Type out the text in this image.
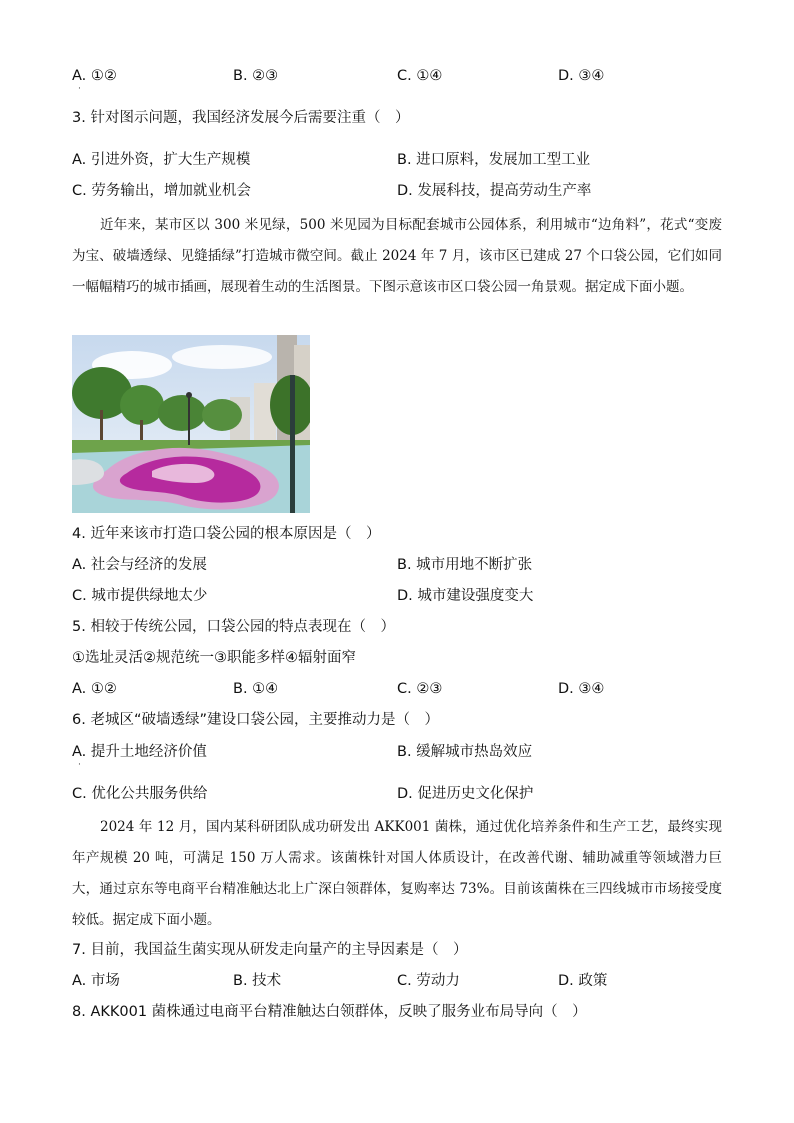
A. ①②	B. ②③	C. ①④	D. ③④
·
3. 针对图示问题，我国经济发展今后需要注重（　）
A. 引进外资，扩大生产规模	B. 进口原料，发展加工型工业
C. 劳务输出，增加就业机会	D. 发展科技，提高劳动生产率
近年来，某市区以 300 米见绿，500 米见园为目标配套城市公园体系，利用城市“边角料”，花式“变废为宝、破墙透绿、见缝插绿”打造城市微空间。截止 2024 年 7 月，该市区已建成 27 个口袋公园，它们如同一幅幅精巧的城市插画，展现着生动的生活图景。下图示意该市区口袋公园一角景观。据定成下面小题。
4. 近年来该市打造口袋公园的根本原因是（　）
A. 社会与经济的发展	B. 城市用地不断扩张
C. 城市提供绿地太少	D. 城市建设强度变大
5. 相较于传统公园，口袋公园的特点表现在（　）
①选址灵活②规范统一③职能多样④辐射面窄
A. ①②	B. ①④	C. ②③	D. ③④
6. 老城区“破墙透绿”建设口袋公园，主要推动力是（　）
A. 提升土地经济价值	B. 缓解城市热岛效应
·
C. 优化公共服务供给	D. 促进历史文化保护
2024 年 12 月，国内某科研团队成功研发出 AKK001 菌株，通过优化培养条件和生产工艺，最终实现年产规模 20 吨，可满足 150 万人需求。该菌株针对国人体质设计，在改善代谢、辅助减重等领域潜力巨大，通过京东等电商平台精准触达北上广深白领群体，复购率达 73%。目前该菌株在三四线城市市场接受度较低。据定成下面小题。
7. 目前，我国益生菌实现从研发走向量产的主导因素是（　）
A. 市场	B. 技术	C. 劳动力	D. 政策
8. AKK001 菌株通过电商平台精准触达白领群体，反映了服务业布局导向（　）
